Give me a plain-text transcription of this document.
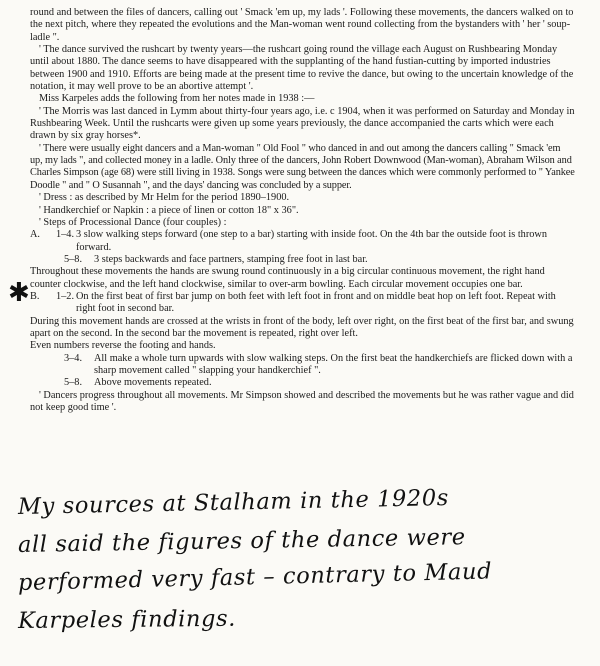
round and between the files of dancers, calling out ' Smack 'em up, my lads '. Following these movements, the dancers walked on to the next pitch, where they repeated the evolutions and the Man-woman went round collecting from the bystanders with ' her ' soup-ladle ".

' The dance survived the rushcart by twenty years—the rushcart going round the village each August on Rushbearing Monday until about 1880. The dance seems to have disappeared with the supplanting of the hand fustian-cutting by imported industries between 1900 and 1910. Efforts are being made at the present time to revive the dance, but owing to the uncertain knowledge of the notation, it may well prove to be an abortive attempt '.

Miss Karpeles adds the following from her notes made in 1938 :—

' The Morris was last danced in Lymm about thirty-four years ago, i.e. c 1904, when it was performed on Saturday and Monday in Rushbearing Week. Until the rushcarts were given up some years previously, the dance accompanied the carts which were each drawn by six gray horses*.

' There were usually eight dancers and a Man-woman " Old Fool " who danced in and out among the dancers calling " Smack 'em up, my lads ", and collected money in a ladle. Only three of the dancers, John Robert Downwood (Man-woman), Abraham Wilson and Charles Simpson (age 68) were still living in 1938. Songs were sung between the dances which were commonly performed to " Yankee Doodle " and " O Susannah ", and the days' dancing was concluded by a supper.

' Dress : as described by Mr Helm for the period 1890–1900.

' Handkerchief or Napkin : a piece of linen or cotton 18" x 36".

' Steps of Processional Dance (four couples) :

A.	1–4. 3 slow walking steps forward (one step to a bar) starting with inside foot. On the 4th bar the outside foot is thrown forward.
5–8.	3 steps backwards and face partners, stamping free foot in last bar.

Throughout these movements the hands are swung round continuously in a big circular continuous movement, the right hand counter clockwise, and the left hand clockwise, similar to over-arm bowling. Each circular movement occupies one bar.

B.	1–2. On the first beat of first bar jump on both feet with left foot in front and on middle beat hop on left foot. Repeat with right foot in second bar.

During this movement hands are crossed at the wrists in front of the body, left over right, on the first beat of the first bar, and swung apart on the second. In the second bar the movement is repeated, right over left.

Even numbers reverse the footing and hands.

3–4.	All make a whole turn upwards with slow walking steps. On the first beat the handkerchiefs are flicked down with a sharp movement called " slapping your handkerchief ".
5–8.	Above movements repeated.

' Dancers progress throughout all movements. Mr Simpson showed and described the movements but he was rather vague and did not keep good time '.

✱
My sources at Stalham in the 1920s
all said the figures of the dance were
performed very fast – contrary to Maud
Karpeles findings.
